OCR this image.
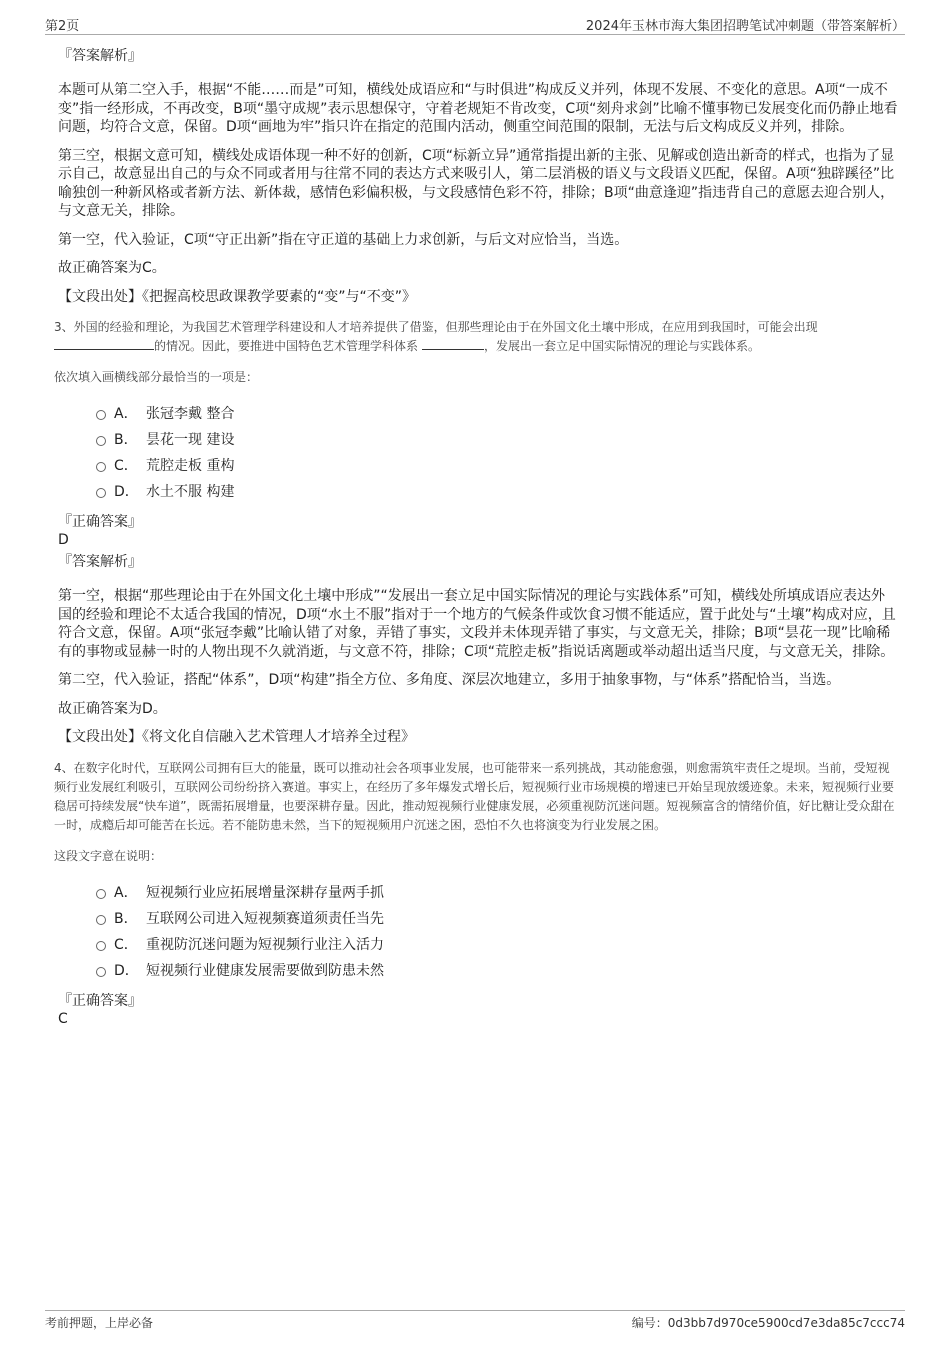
第2页	2024年玉林市海大集团招聘笔试冲刺题（带答案解析）
『答案解析』

本题可从第二空入手，根据“不能……而是”可知，横线处成语应和“与时俱进”构成反义并列，体现不发展、不变化的意思。A项“一成不变”指一经形成，不再改变，B项“墨守成规”表示思想保守，守着老规矩不肯改变，C项“刻舟求剑”比喻不懂事物已发展变化而仍静止地看问题，均符合文意，保留。D项“画地为牢”指只许在指定的范围内活动，侧重空间范围的限制，无法与后文构成反义并列，排除。

第三空，根据文意可知，横线处成语体现一种不好的创新，C项“标新立异”通常指提出新的主张、见解或创造出新奇的样式，也指为了显示自己，故意显出自己的与众不同或者用与往常不同的表达方式来吸引人，第二层消极的语义与文段语义匹配，保留。A项“独辟蹊径”比喻独创一种新风格或者新方法、新体裁，感情色彩偏积极，与文段感情色彩不符，排除；B项“曲意逢迎”指违背自己的意愿去迎合别人，与文意无关，排除。

第一空，代入验证，C项“守正出新”指在守正道的基础上力求创新，与后文对应恰当，当选。

故正确答案为C。

【文段出处】《把握高校思政课教学要素的“变”与“不变”》

3、外国的经验和理论，为我国艺术管理学科建设和人才培养提供了借鉴，但那些理论由于在外国文化土壤中形成，在应用到我国时，可能会出现的情况。因此，要推进中国特色艺术管理学科体系	，发展出一套立足中国实际情况的理论与实践体系。
依次填入画横线部分最恰当的一项是：
A． 张冠李戴 整合
B． 昙花一现 建设
C． 荒腔走板 重构
D． 水土不服 构建
『正确答案』
D
『答案解析』

第一空，根据“那些理论由于在外国文化土壤中形成”“发展出一套立足中国实际情况的理论与实践体系”可知，横线处所填成语应表达外国的经验和理论不太适合我国的情况，D项“水土不服”指对于一个地方的气候条件或饮食习惯不能适应，置于此处与“土壤”构成对应，且符合文意，保留。A项“张冠李戴”比喻认错了对象，弄错了事实，文段并未体现弄错了事实，与文意无关，排除；B项“昙花一现”比喻稀有的事物或显赫一时的人物出现不久就消逝，与文意不符，排除；C项“荒腔走板”指说话离题或举动超出适当尺度，与文意无关，排除。

第二空，代入验证，搭配“体系”，D项“构建”指全方位、多角度、深层次地建立，多用于抽象事物，与“体系”搭配恰当，当选。

故正确答案为D。

【文段出处】《将文化自信融入艺术管理人才培养全过程》

4、在数字化时代，互联网公司拥有巨大的能量，既可以推动社会各项事业发展，也可能带来一系列挑战，其动能愈强，则愈需筑牢责任之堤坝。当前，受短视频行业发展红利吸引，互联网公司纷纷挤入赛道。事实上，在经历了多年爆发式增长后，短视频行业市场规模的增速已开始呈现放缓迹象。未来，短视频行业要稳居可持续发展“快车道”，既需拓展增量，也要深耕存量。因此，推动短视频行业健康发展，必须重视防沉迷问题。短视频富含的情绪价值，好比糖让受众甜在一时，成瘾后却可能苦在长远。若不能防患未然，当下的短视频用户沉迷之困，恐怕不久也将演变为行业发展之困。
这段文字意在说明：
A． 短视频行业应拓展增量深耕存量两手抓
B． 互联网公司进入短视频赛道须责任当先
C． 重视防沉迷问题为短视频行业注入活力
D． 短视频行业健康发展需要做到防患未然
『正确答案』
C
考前押题，上岸必备	编号：0d3bb7d970ce5900cd7e3da85c7ccc74
